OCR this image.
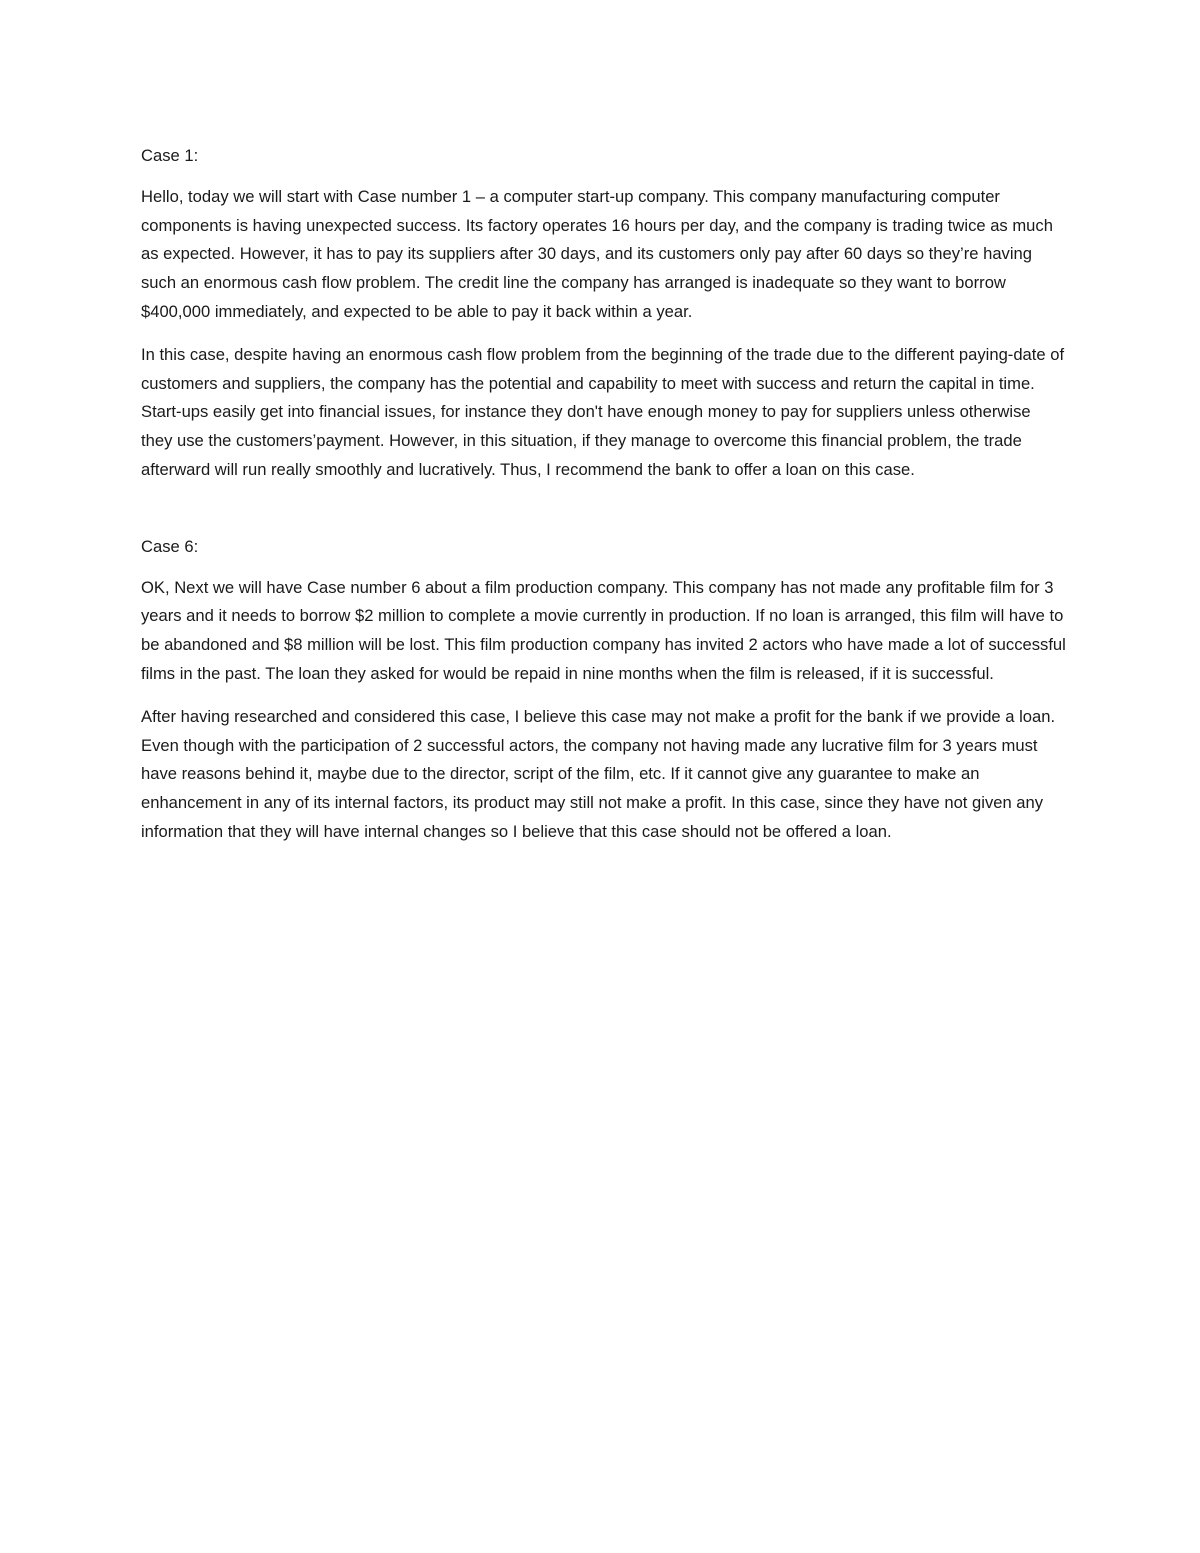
Case 1:

Hello, today we will start with Case number 1 – a computer start-up company. This company manufacturing computer components is having unexpected success. Its factory operates 16 hours per day, and the company is trading twice as much as expected. However, it has to pay its suppliers after 30 days, and its customers only pay after 60 days so they’re having such an enormous cash flow problem. The credit line the company has arranged is inadequate so they want to borrow $400,000 immediately, and expected to be able to pay it back within a year.

In this case, despite having an enormous cash flow problem from the beginning of the trade due to the different paying-date of customers and suppliers, the company has the potential and capability to meet with success and return the capital in time. Start-ups easily get into financial issues, for instance they don't have enough money to pay for suppliers unless otherwise they use the customers’payment. However, in this situation, if they manage to overcome this financial problem, the trade afterward will run really smoothly and lucratively. Thus, I recommend the bank to offer a loan on this case.

Case 6:

OK, Next we will have Case number 6 about a film production company. This company has not made any profitable film for 3 years and it needs to borrow $2 million to complete a movie currently in production. If no loan is arranged, this film will have to be abandoned and $8 million will be lost. This film production company has invited 2 actors who have made a lot of successful films in the past. The loan they asked for would be repaid in nine months when the film is released, if it is successful.

After having researched and considered this case, I believe this case may not make a profit for the bank if we provide a loan. Even though with the participation of 2 successful actors, the company not having made any lucrative film for 3 years must have reasons behind it, maybe due to the director, script of the film, etc. If it cannot give any guarantee to make an enhancement in any of its internal factors, its product may still not make a profit. In this case, since they have not given any information that they will have internal changes so I believe that this case should not be offered a loan.
